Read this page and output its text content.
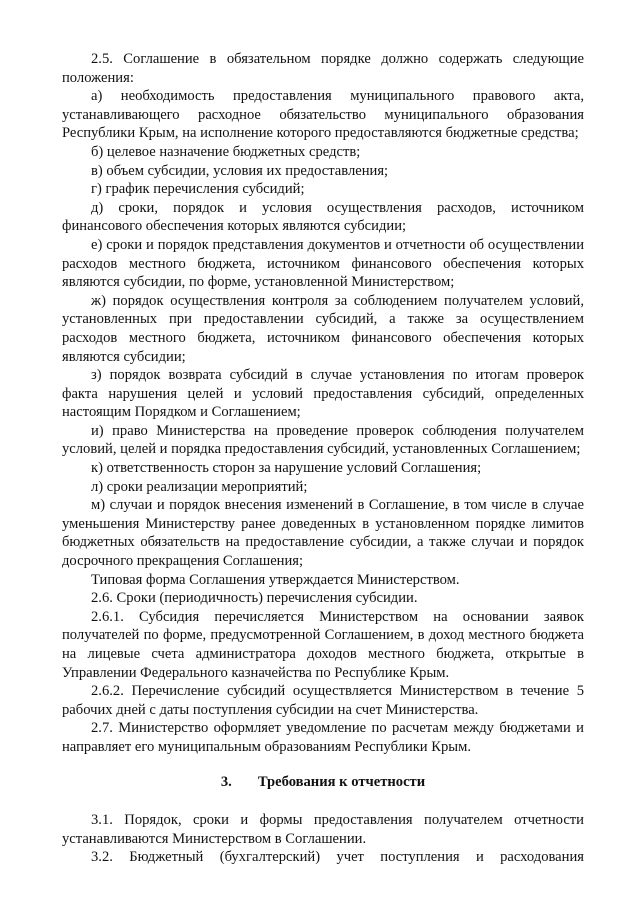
2.5. Соглашение в обязательном порядке должно содержать следующие положения:

а) необходимость предоставления муниципального правового акта, устанавливающего расходное обязательство муниципального образования Республики Крым, на исполнение которого предоставляются бюджетные средства;

б) целевое назначение бюджетных средств;

в) объем субсидии, условия их предоставления;

г) график перечисления субсидий;

д) сроки, порядок и условия осуществления расходов, источником финансового обеспечения которых являются субсидии;

е) сроки и порядок представления документов и отчетности об осуществлении расходов местного бюджета, источником финансового обеспечения которых являются субсидии, по форме, установленной Министерством;

ж) порядок осуществления контроля за соблюдением получателем условий, установленных при предоставлении субсидий, а также за осуществлением расходов местного бюджета, источником финансового обеспечения которых являются субсидии;

з) порядок возврата субсидий в случае установления по итогам проверок факта нарушения целей и условий предоставления субсидий, определенных настоящим Порядком и Соглашением;

и) право Министерства на проведение проверок соблюдения получателем условий, целей и порядка предоставления субсидий, установленных Соглашением;

к) ответственность сторон за нарушение условий Соглашения;

л) сроки реализации мероприятий;

м) случаи и порядок внесения изменений в Соглашение, в том числе в случае уменьшения Министерству ранее доведенных в установленном порядке лимитов бюджетных обязательств на предоставление субсидии, а также случаи и порядок досрочного прекращения Соглашения;

Типовая форма Соглашения утверждается Министерством.

2.6. Сроки (периодичность) перечисления субсидии.

2.6.1. Субсидия перечисляется Министерством на основании заявок получателей по форме, предусмотренной Соглашением, в доход местного бюджета на лицевые счета администратора доходов местного бюджета, открытые в Управлении Федерального казначейства по Республике Крым.

2.6.2. Перечисление субсидий осуществляется Министерством в течение 5 рабочих дней с даты поступления субсидии на счет Министерства.

2.7. Министерство оформляет уведомление по расчетам между бюджетами и направляет его муниципальным образованиям Республики Крым.

3. Требования к отчетности

3.1. Порядок, сроки и формы предоставления получателем отчетности устанавливаются Министерством в Соглашении.

3.2. Бюджетный (бухгалтерский) учет поступления и расходования
